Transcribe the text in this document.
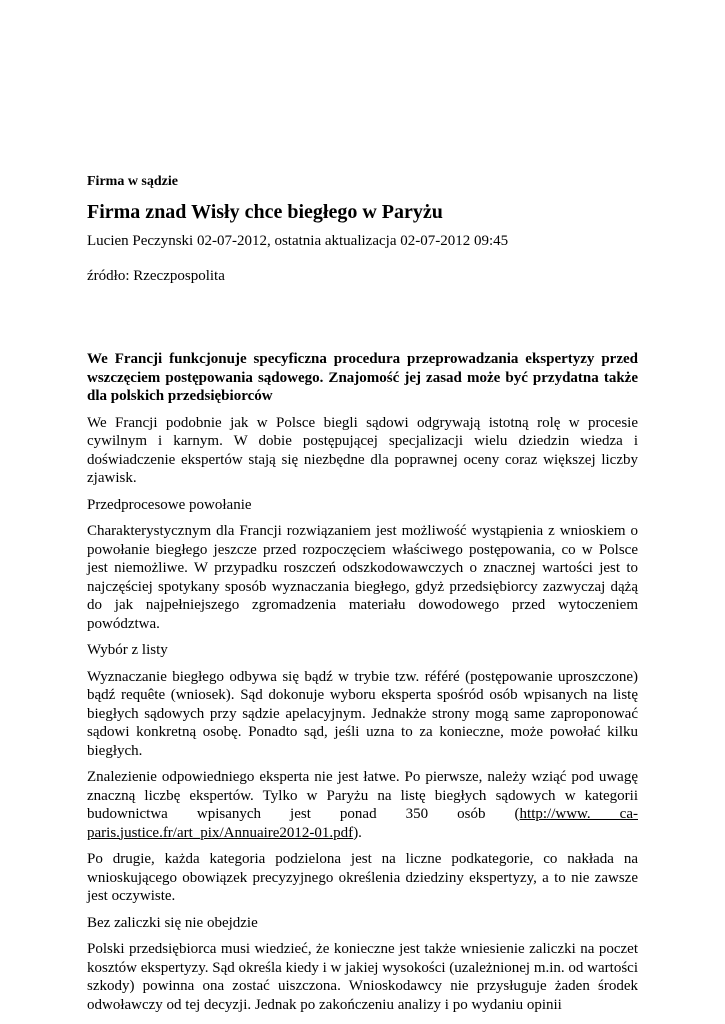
Firma w sądzie

Firma znad Wisły chce biegłego w Paryżu

Lucien Peczynski 02-07-2012, ostatnia aktualizacja 02-07-2012 09:45

źródło: Rzeczpospolita

We Francji funkcjonuje specyficzna procedura przeprowadzania ekspertyzy przed wszczęciem postępowania sądowego. Znajomość jej zasad może być przydatna także dla polskich przedsiębiorców

We Francji podobnie jak w Polsce biegli sądowi odgrywają istotną rolę w procesie cywilnym i karnym. W dobie postępującej specjalizacji wielu dziedzin wiedza i doświadczenie ekspertów stają się niezbędne dla poprawnej oceny coraz większej liczby zjawisk.

Przedprocesowe powołanie

Charakterystycznym dla Francji rozwiązaniem jest możliwość wystąpienia z wnioskiem o powołanie biegłego jeszcze przed rozpoczęciem właściwego postępowania, co w Polsce jest niemożliwe. W przypadku roszczeń odszkodowawczych o znacznej wartości jest to najczęściej spotykany sposób wyznaczania biegłego, gdyż przedsiębiorcy zazwyczaj dążą do jak najpełniejszego zgromadzenia materiału dowodowego przed wytoczeniem powództwa.

Wybór z listy

Wyznaczanie biegłego odbywa się bądź w trybie tzw. référé (postępowanie uproszczone) bądź requête (wniosek). Sąd dokonuje wyboru eksperta spośród osób wpisanych na listę biegłych sądowych przy sądzie apelacyjnym. Jednakże strony mogą same zaproponować sądowi konkretną osobę. Ponadto sąd, jeśli uzna to za konieczne, może powołać kilku biegłych.

Znalezienie odpowiedniego eksperta nie jest łatwe. Po pierwsze, należy wziąć pod uwagę znaczną liczbę ekspertów. Tylko w Paryżu na listę biegłych sądowych w kategorii budownictwa wpisanych jest ponad 350 osób (http://www. ca-paris.justice.fr/art_pix/Annuaire2012-01.pdf).

Po drugie, każda kategoria podzielona jest na liczne podkategorie, co nakłada na wnioskującego obowiązek precyzyjnego określenia dziedziny ekspertyzy, a to nie zawsze jest oczywiste.

Bez zaliczki się nie obejdzie

Polski przedsiębiorca musi wiedzieć, że konieczne jest także wniesienie zaliczki na poczet kosztów ekspertyzy. Sąd określa kiedy i w jakiej wysokości (uzależnionej m.in. od wartości szkody) powinna ona zostać uiszczona. Wnioskodawcy nie przysługuje żaden środek odwoławczy od tej decyzji. Jednak po zakończeniu analizy i po wydaniu opinii
